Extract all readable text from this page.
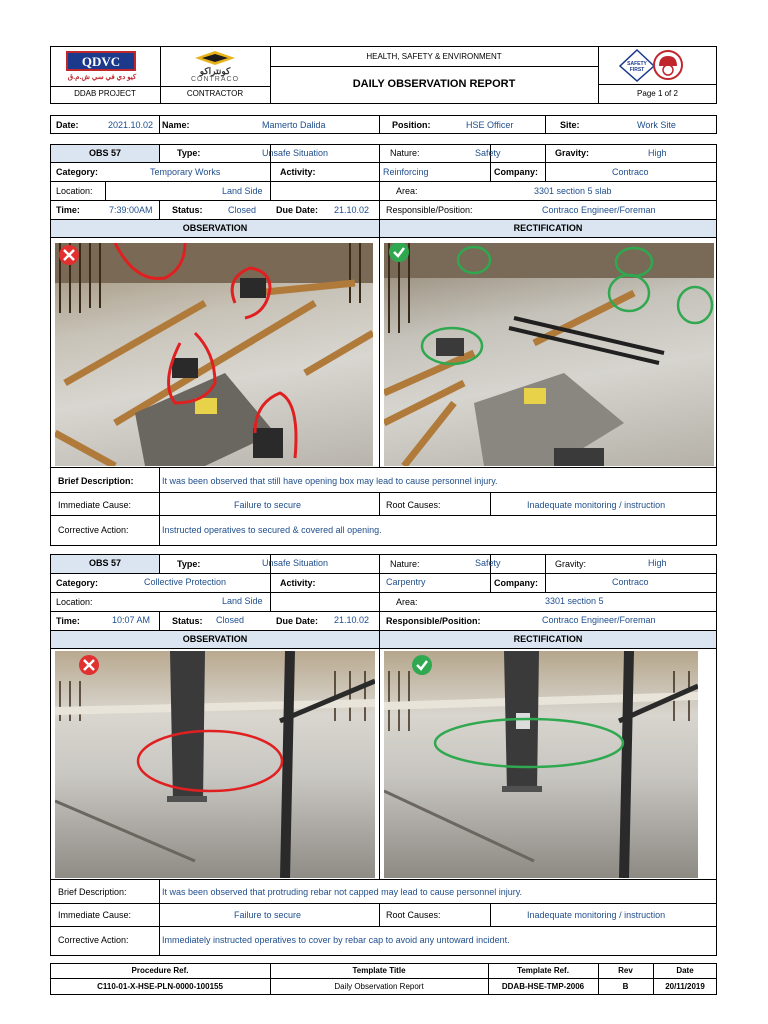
QDVC
كيو دي في سي ش.م.ق
DDAB PROJECT
كونتراكو
CONTRACO
CONTRACTOR
HEALTH, SAFETY & ENVIRONMENT
DAILY OBSERVATION REPORT
SAFETY
FIRST
Page 1 of 2
Date:	2021.10.02 Name:	Mamerto Dalida	Position:	HSE Officer	Site:	Work Site
OBS 57	Type:	Unsafe Situation	Nature:	Safety	Gravity:	High
Category:	Temporary Works	Activity:	Reinforcing	Company:	Contraco
Location:	Land Side	Area:	3301 section 5 slab
Time:	7:39:00AM Status:	Closed Due Date: 21.10.02 Responsible/Position:	Contraco Engineer/Foreman
OBSERVATION	RECTIFICATION
Brief Description:	It was been observed that still have opening box may lead to cause personnel injury.
Immediate Cause:	Failure to secure	Root Causes:	Inadequate monitoring / instruction
Corrective Action:	Instructed operatives to secured & covered all opening.
OBS 57	Type:	Unsafe Situation	Nature:	Safety	Gravity:	High
Category:	Collective Protection	Activity:	Carpentry	Company:	Contraco
Location:	Land Side	Area:	3301 section 5
Time:	10:07 AM Status: Closed	Due Date: 21.10.02 Responsible/Position:	Contraco Engineer/Foreman
OBSERVATION	RECTIFICATION
Brief Description:	It was been observed that protruding rebar not capped may lead to cause personnel injury.
Immediate Cause:	Failure to secure	Root Causes:	Inadequate monitoring / instruction
Corrective Action:	Immediately instructed operatives to cover by rebar cap to avoid any untoward incident.
Procedure Ref.	Template Title	Template Ref.	Rev	Date
C110-01-X-HSE-PLN-0000-100155	Daily Observation Report	DDAB-HSE-TMP-2006	B	20/11/2019
